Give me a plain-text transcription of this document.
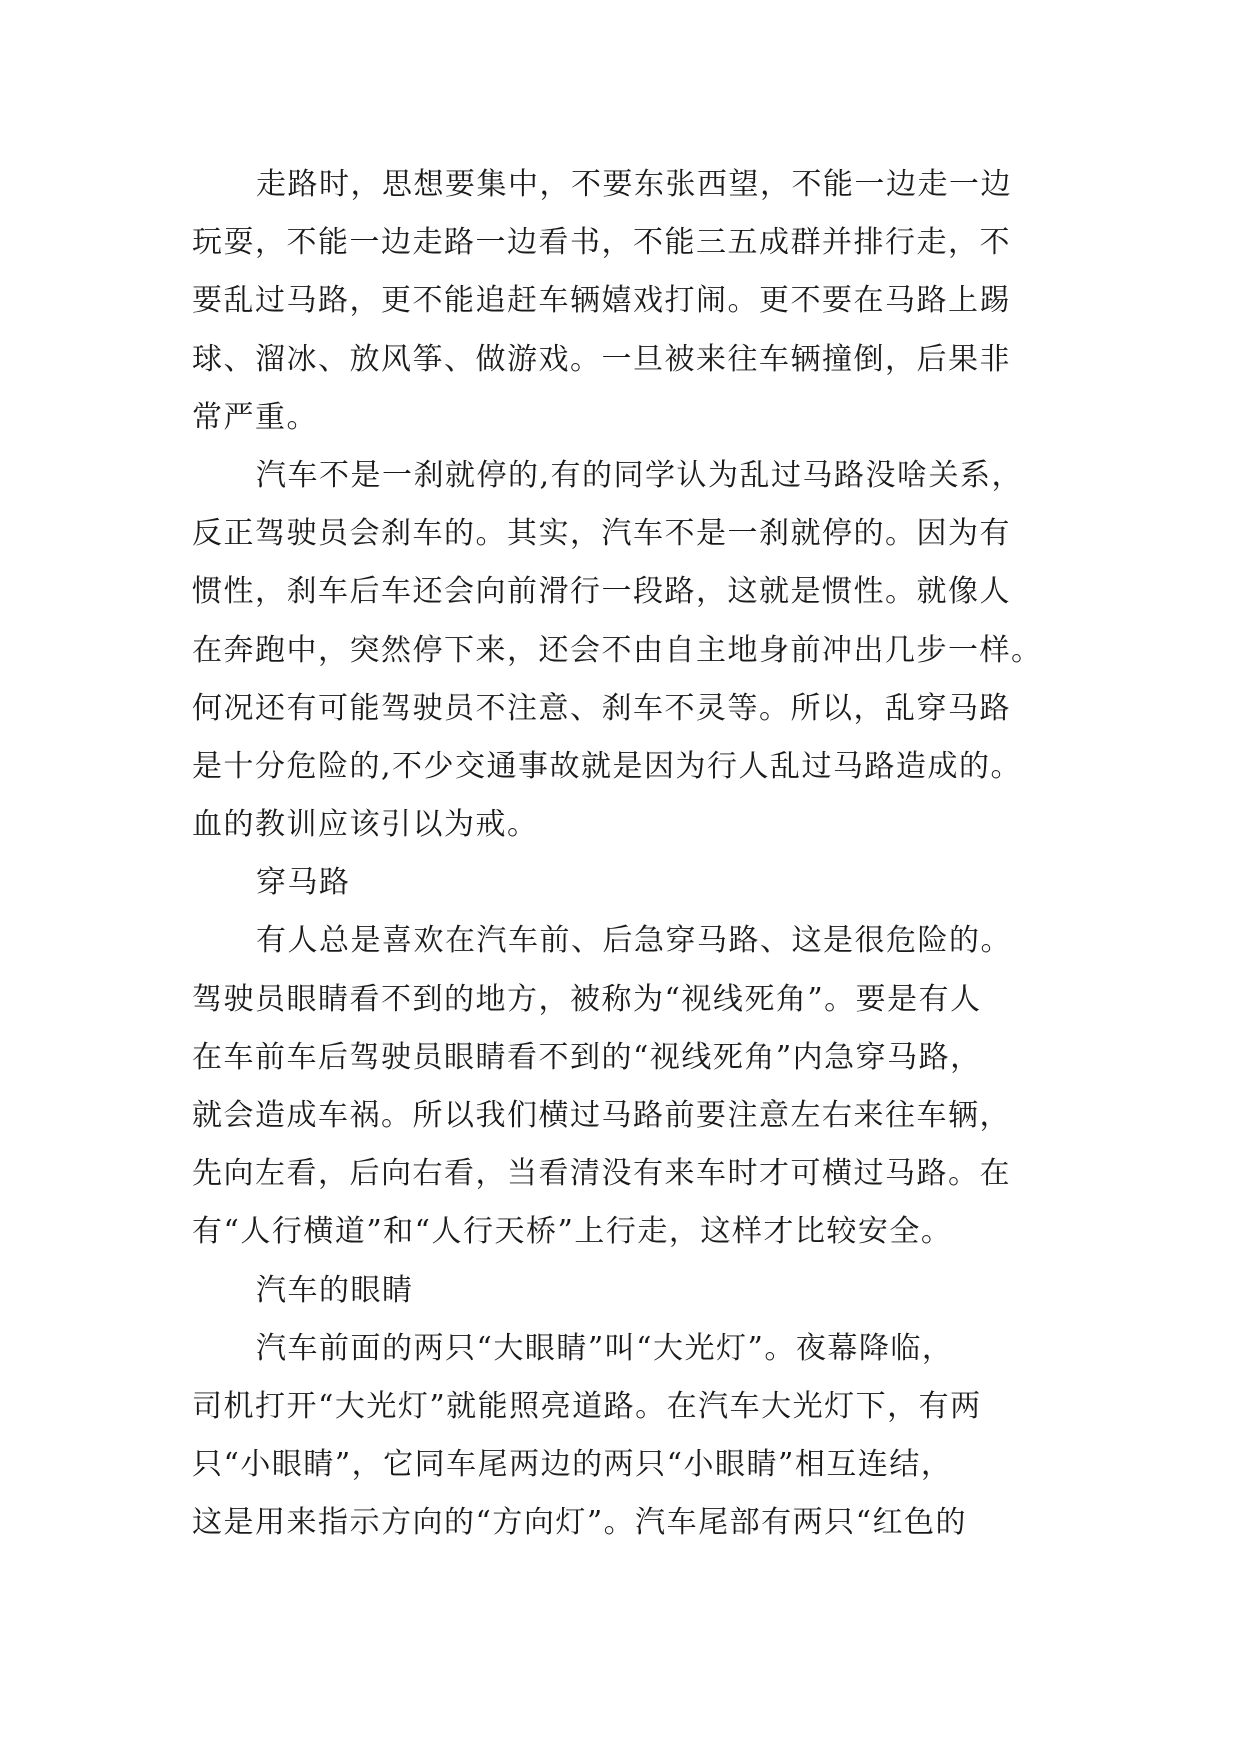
走路时，思想要集中，不要东张西望，不能一边走一边
玩耍，不能一边走路一边看书，不能三五成群并排行走，不
要乱过马路，更不能追赶车辆嬉戏打闹。更不要在马路上踢
球、溜冰、放风筝、做游戏。一旦被来往车辆撞倒，后果非
常严重。
汽车不是一刹就停的,有的同学认为乱过马路没啥关系，
反正驾驶员会刹车的。其实，汽车不是一刹就停的。因为有
惯性，刹车后车还会向前滑行一段路，这就是惯性。就像人
在奔跑中，突然停下来，还会不由自主地身前冲出几步一样。
何况还有可能驾驶员不注意、刹车不灵等。所以，乱穿马路
是十分危险的,不少交通事故就是因为行人乱过马路造成的。
血的教训应该引以为戒。
穿马路
有人总是喜欢在汽车前、后急穿马路、这是很危险的。
驾驶员眼睛看不到的地方，被称为“视线死角”。要是有人
在车前车后驾驶员眼睛看不到的“视线死角”内急穿马路，
就会造成车祸。所以我们横过马路前要注意左右来往车辆，
先向左看，后向右看，当看清没有来车时才可横过马路。在
有“人行横道”和“人行天桥”上行走，这样才比较安全。
汽车的眼睛
汽车前面的两只“大眼睛”叫“大光灯”。夜幕降临，
司机打开“大光灯”就能照亮道路。在汽车大光灯下，有两
只“小眼睛”，它同车尾两边的两只“小眼睛”相互连结，
这是用来指示方向的“方向灯”。汽车尾部有两只“红色的
